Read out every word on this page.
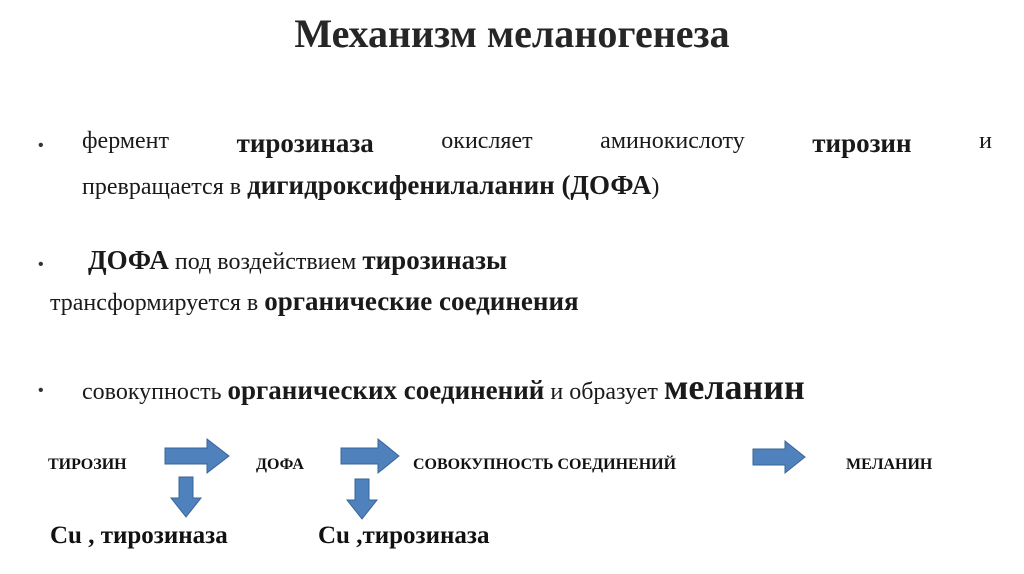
Механизм меланогенеза
• фермент	тирозиназа	окисляет	аминокислоту	тирозин	и
превращается в дигидроксифенилаланин (ДОФА)
• ДОФА под воздействием тирозиназы
трансформируется в органические соединения
• совокупность органических соединений и образует меланин
ТИРОЗИН	ДОФА	СОВОКУПНОСТЬ СОЕДИНЕНИЙ	МЕЛАНИН
Cu , тирозиназа	Cu ,тирозиназа
